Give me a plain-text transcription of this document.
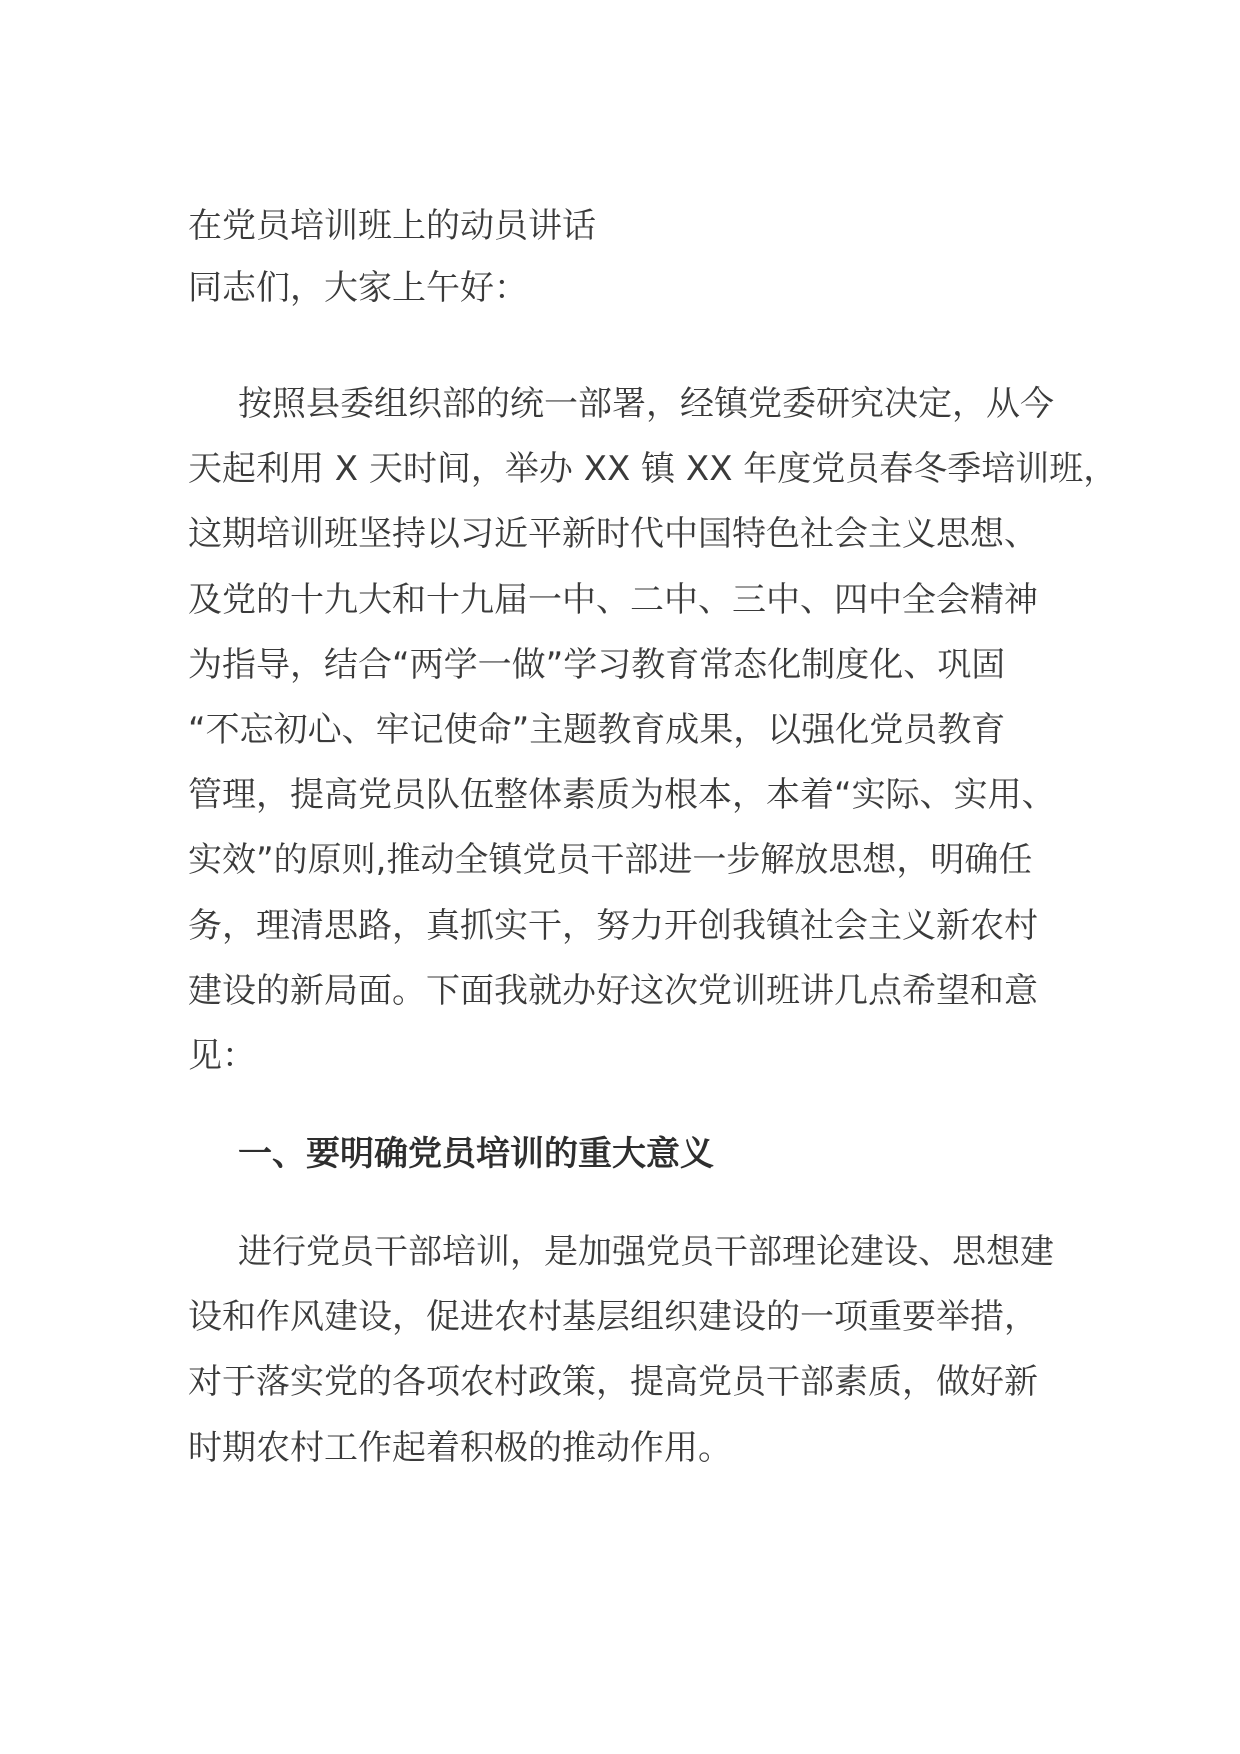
在党员培训班上的动员讲话

同志们，大家上午好：

按照县委组织部的统一部署，经镇党委研究决定，从今
天起利用 X 天时间，举办 XX 镇 XX 年度党员春冬季培训班，
这期培训班坚持以习近平新时代中国特色社会主义思想、
及党的十九大和十九届一中、二中、三中、四中全会精神
为指导，结合“两学一做”学习教育常态化制度化、巩固
“不忘初心、牢记使命”主题教育成果，以强化党员教育
管理，提高党员队伍整体素质为根本，本着“实际、实用、
实效”的原则,推动全镇党员干部进一步解放思想，明确任
务，理清思路，真抓实干，努力开创我镇社会主义新农村
建设的新局面。下面我就办好这次党训班讲几点希望和意
见：

一、要明确党员培训的重大意义

进行党员干部培训，是加强党员干部理论建设、思想建
设和作风建设，促进农村基层组织建设的一项重要举措，
对于落实党的各项农村政策，提高党员干部素质，做好新
时期农村工作起着积极的推动作用。
